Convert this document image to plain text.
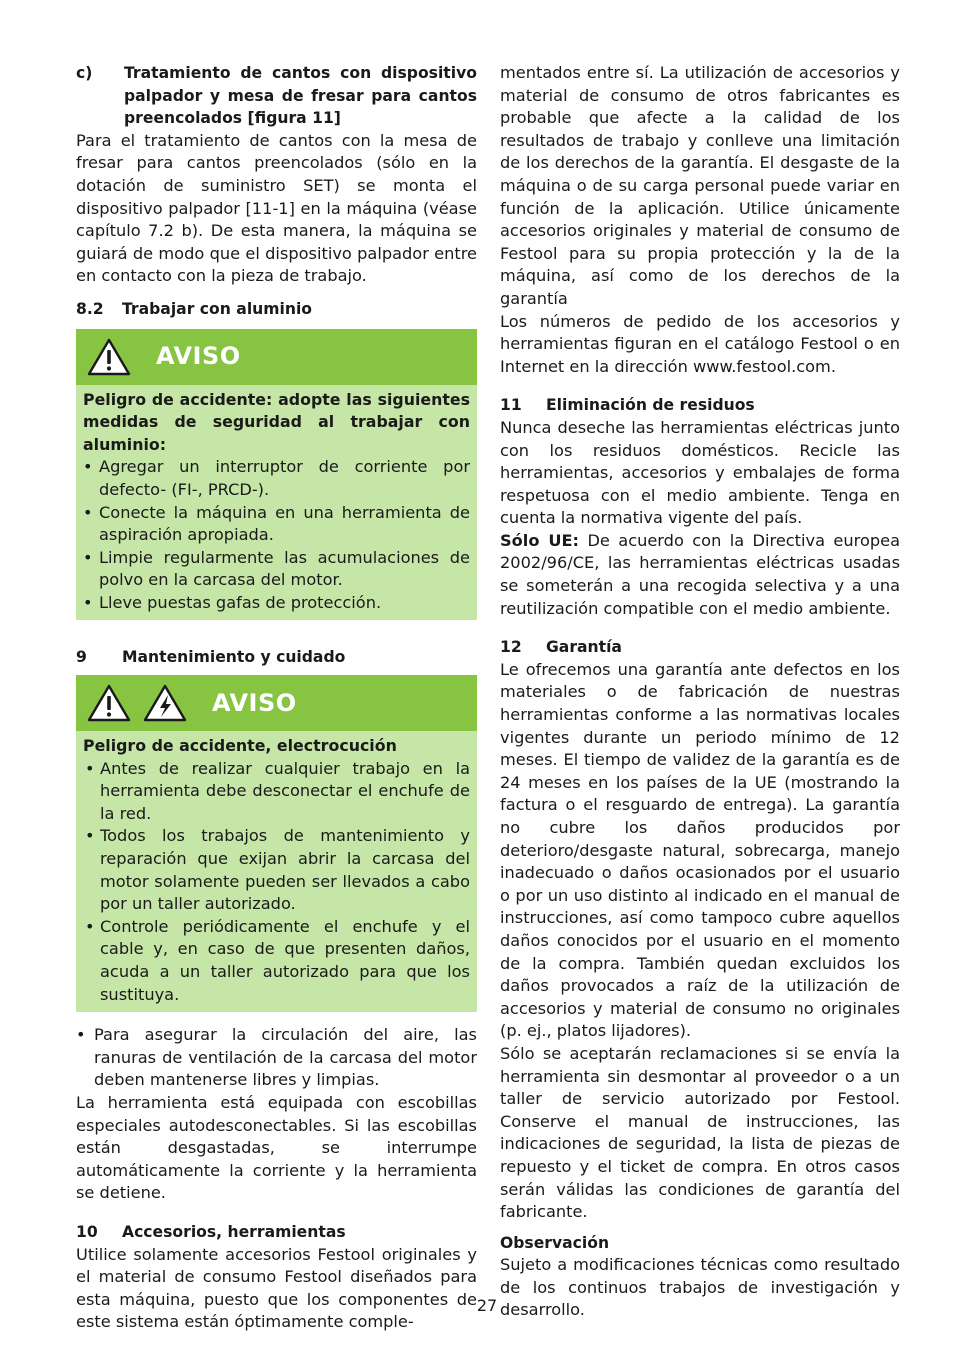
c)	Tratamiento de cantos con dispositivo palpador y mesa de fresar para cantos preencolados [figura 11]

Para el tratamiento de cantos con la mesa de fresar para cantos preencolados (sólo en la dotación de suministro SET) se monta el dispositivo palpador [11-1] en la máquina (véase capítulo 7.2 b). De esta manera, la máquina se guiará de modo que el dispositivo palpador entre en contacto con la pieza de trabajo.

8.2	Trabajar con aluminio
AVISO

Peligro de accidente: adopte las siguientes medidas de seguridad al trabajar con aluminio:

• Agregar un interruptor de corriente por defecto- (FI-, PRCD-).
• Conecte la máquina en una herramienta de aspiración apropiada.
• Limpie regularmente las acumulaciones de polvo en la carcasa del motor.
• Lleve puestas gafas de protección.
9	Mantenimiento y cuidado
AVISO

Peligro de accidente, electrocución

• Antes de realizar cualquier trabajo en la herramienta debe desconectar el enchufe de la red.
• Todos los trabajos de mantenimiento y reparación que exijan abrir la carcasa del motor solamente pueden ser llevados a cabo por un taller autorizado.
• Controle periódicamente el enchufe y el cable y, en caso de que presenten daños, acuda a un taller autorizado para que los sustituya.
• Para asegurar la circulación del aire, las ranuras de ventilación de la carcasa del motor deben mantenerse libres y limpias.

La herramienta está equipada con escobillas especiales autodesconectables. Si las escobillas están desgastadas, se interrumpe automáticamente la corriente y la herramienta se detiene.

10	Accesorios, herramientas

Utilice solamente accesorios Festool originales y el material de consumo Festool diseñados para esta máquina, puesto que los componentes de este sistema están óptimamente comple-

mentados entre sí. La utilización de accesorios y material de consumo de otros fabricantes es probable que afecte a la calidad de los resultados de trabajo y conlleve una limitación de los derechos de la garantía. El desgaste de la máquina o de su carga personal puede variar en función de la aplicación. Utilice únicamente accesorios originales y material de consumo de Festool para su propia protección y la de la máquina, así como de los derechos de la garantía

Los números de pedido de los accesorios y herramientas figuran en el catálogo Festool o en Internet en la dirección www.festool.com.

11	Eliminación de residuos

Nunca deseche las herramientas eléctricas junto con los residuos domésticos. Recicle las herramientas, accesorios y embalajes de forma respetuosa con el medio ambiente. Tenga en cuenta la normativa vigente del país.

Sólo UE: De acuerdo con la Directiva europea 2002/96/CE, las herramientas eléctricas usadas se someterán a una recogida selectiva y a una reutilización compatible con el medio ambiente.

12	Garantía

Le ofrecemos una garantía ante defectos en los materiales o de fabricación de nuestras herramientas conforme a las normativas locales vigentes durante un periodo mínimo de 12 meses. El tiempo de validez de la garantía es de 24 meses en los países de la UE (mostrando la factura o el resguardo de entrega). La garantía no cubre los daños producidos por deterioro/desgaste natural, sobrecarga, manejo inadecuado o daños ocasionados por el usuario o por un uso distinto al indicado en el manual de instrucciones, así como tampoco cubre aquellos daños conocidos por el usuario en el momento de la compra. También quedan excluidos los daños provocados a raíz de la utilización de accesorios y material de consumo no originales (p. ej., platos lijadores).

Sólo se aceptarán reclamaciones si se envía la herramienta sin desmontar al proveedor o a un taller de servicio autorizado por Festool. Conserve el manual de instrucciones, las indicaciones de seguridad, la lista de piezas de repuesto y el ticket de compra. En otros casos serán válidas las condiciones de garantía del fabricante.

Observación

Sujeto a modificaciones técnicas como resultado de los continuos trabajos de investigación y desarrollo.

27
